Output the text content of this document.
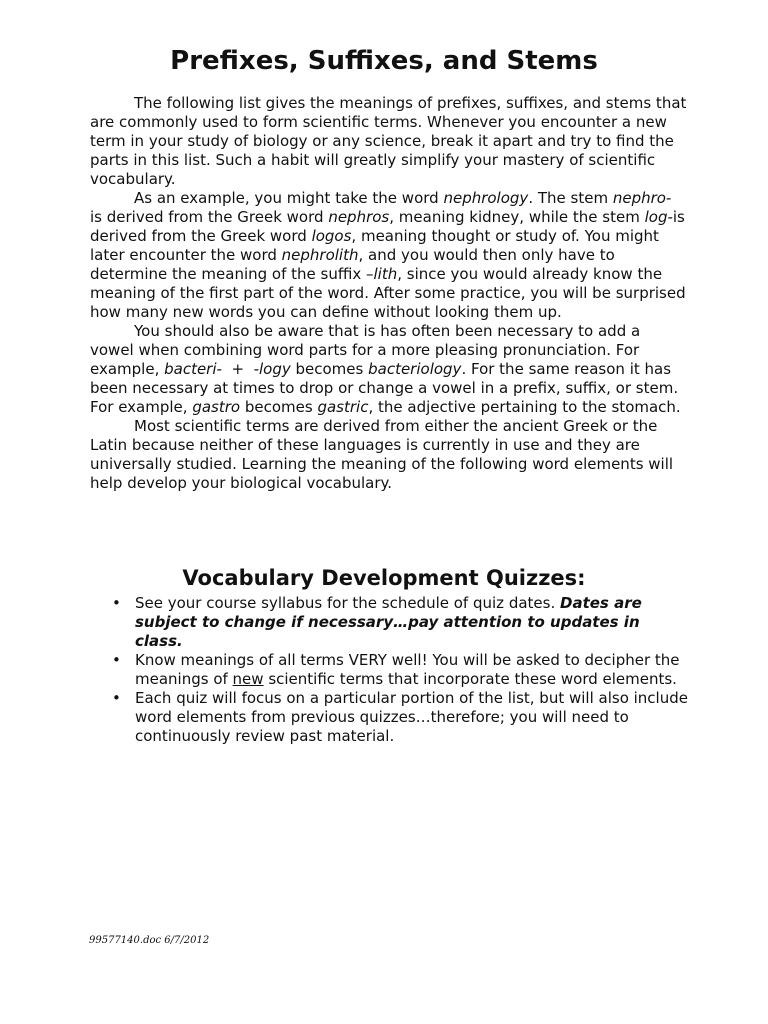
Prefixes, Suffixes, and Stems

The following list gives the meanings of prefixes, suffixes, and stems that are commonly used to form scientific terms. Whenever you encounter a new term in your study of biology or any science, break it apart and try to find the parts in this list. Such a habit will greatly simplify your mastery of scientific vocabulary.

As an example, you might take the word nephrology. The stem nephro- is derived from the Greek word nephros, meaning kidney, while the stem log-is derived from the Greek word logos, meaning thought or study of. You might later encounter the word nephrolith, and you would then only have to determine the meaning of the suffix –lith, since you would already know the meaning of the first part of the word. After some practice, you will be surprised how many new words you can define without looking them up.

You should also be aware that is has often been necessary to add a vowel when combining word parts for a more pleasing pronunciation. For example, bacteri-  +  -logy becomes bacteriology. For the same reason it has been necessary at times to drop or change a vowel in a prefix, suffix, or stem. For example, gastro becomes gastric, the adjective pertaining to the stomach.

Most scientific terms are derived from either the ancient Greek or the Latin because neither of these languages is currently in use and they are universally studied. Learning the meaning of the following word elements will help develop your biological vocabulary.

Vocabulary Development Quizzes:
• See your course syllabus for the schedule of quiz dates. Dates are subject to change if necessary…pay attention to updates in class.
• Know meanings of all terms VERY well! You will be asked to decipher the meanings of new scientific terms that incorporate these word elements.
• Each quiz will focus on a particular portion of the list, but will also include word elements from previous quizzes…therefore; you will need to continuously review past material.
99577140.doc 6/7/2012
